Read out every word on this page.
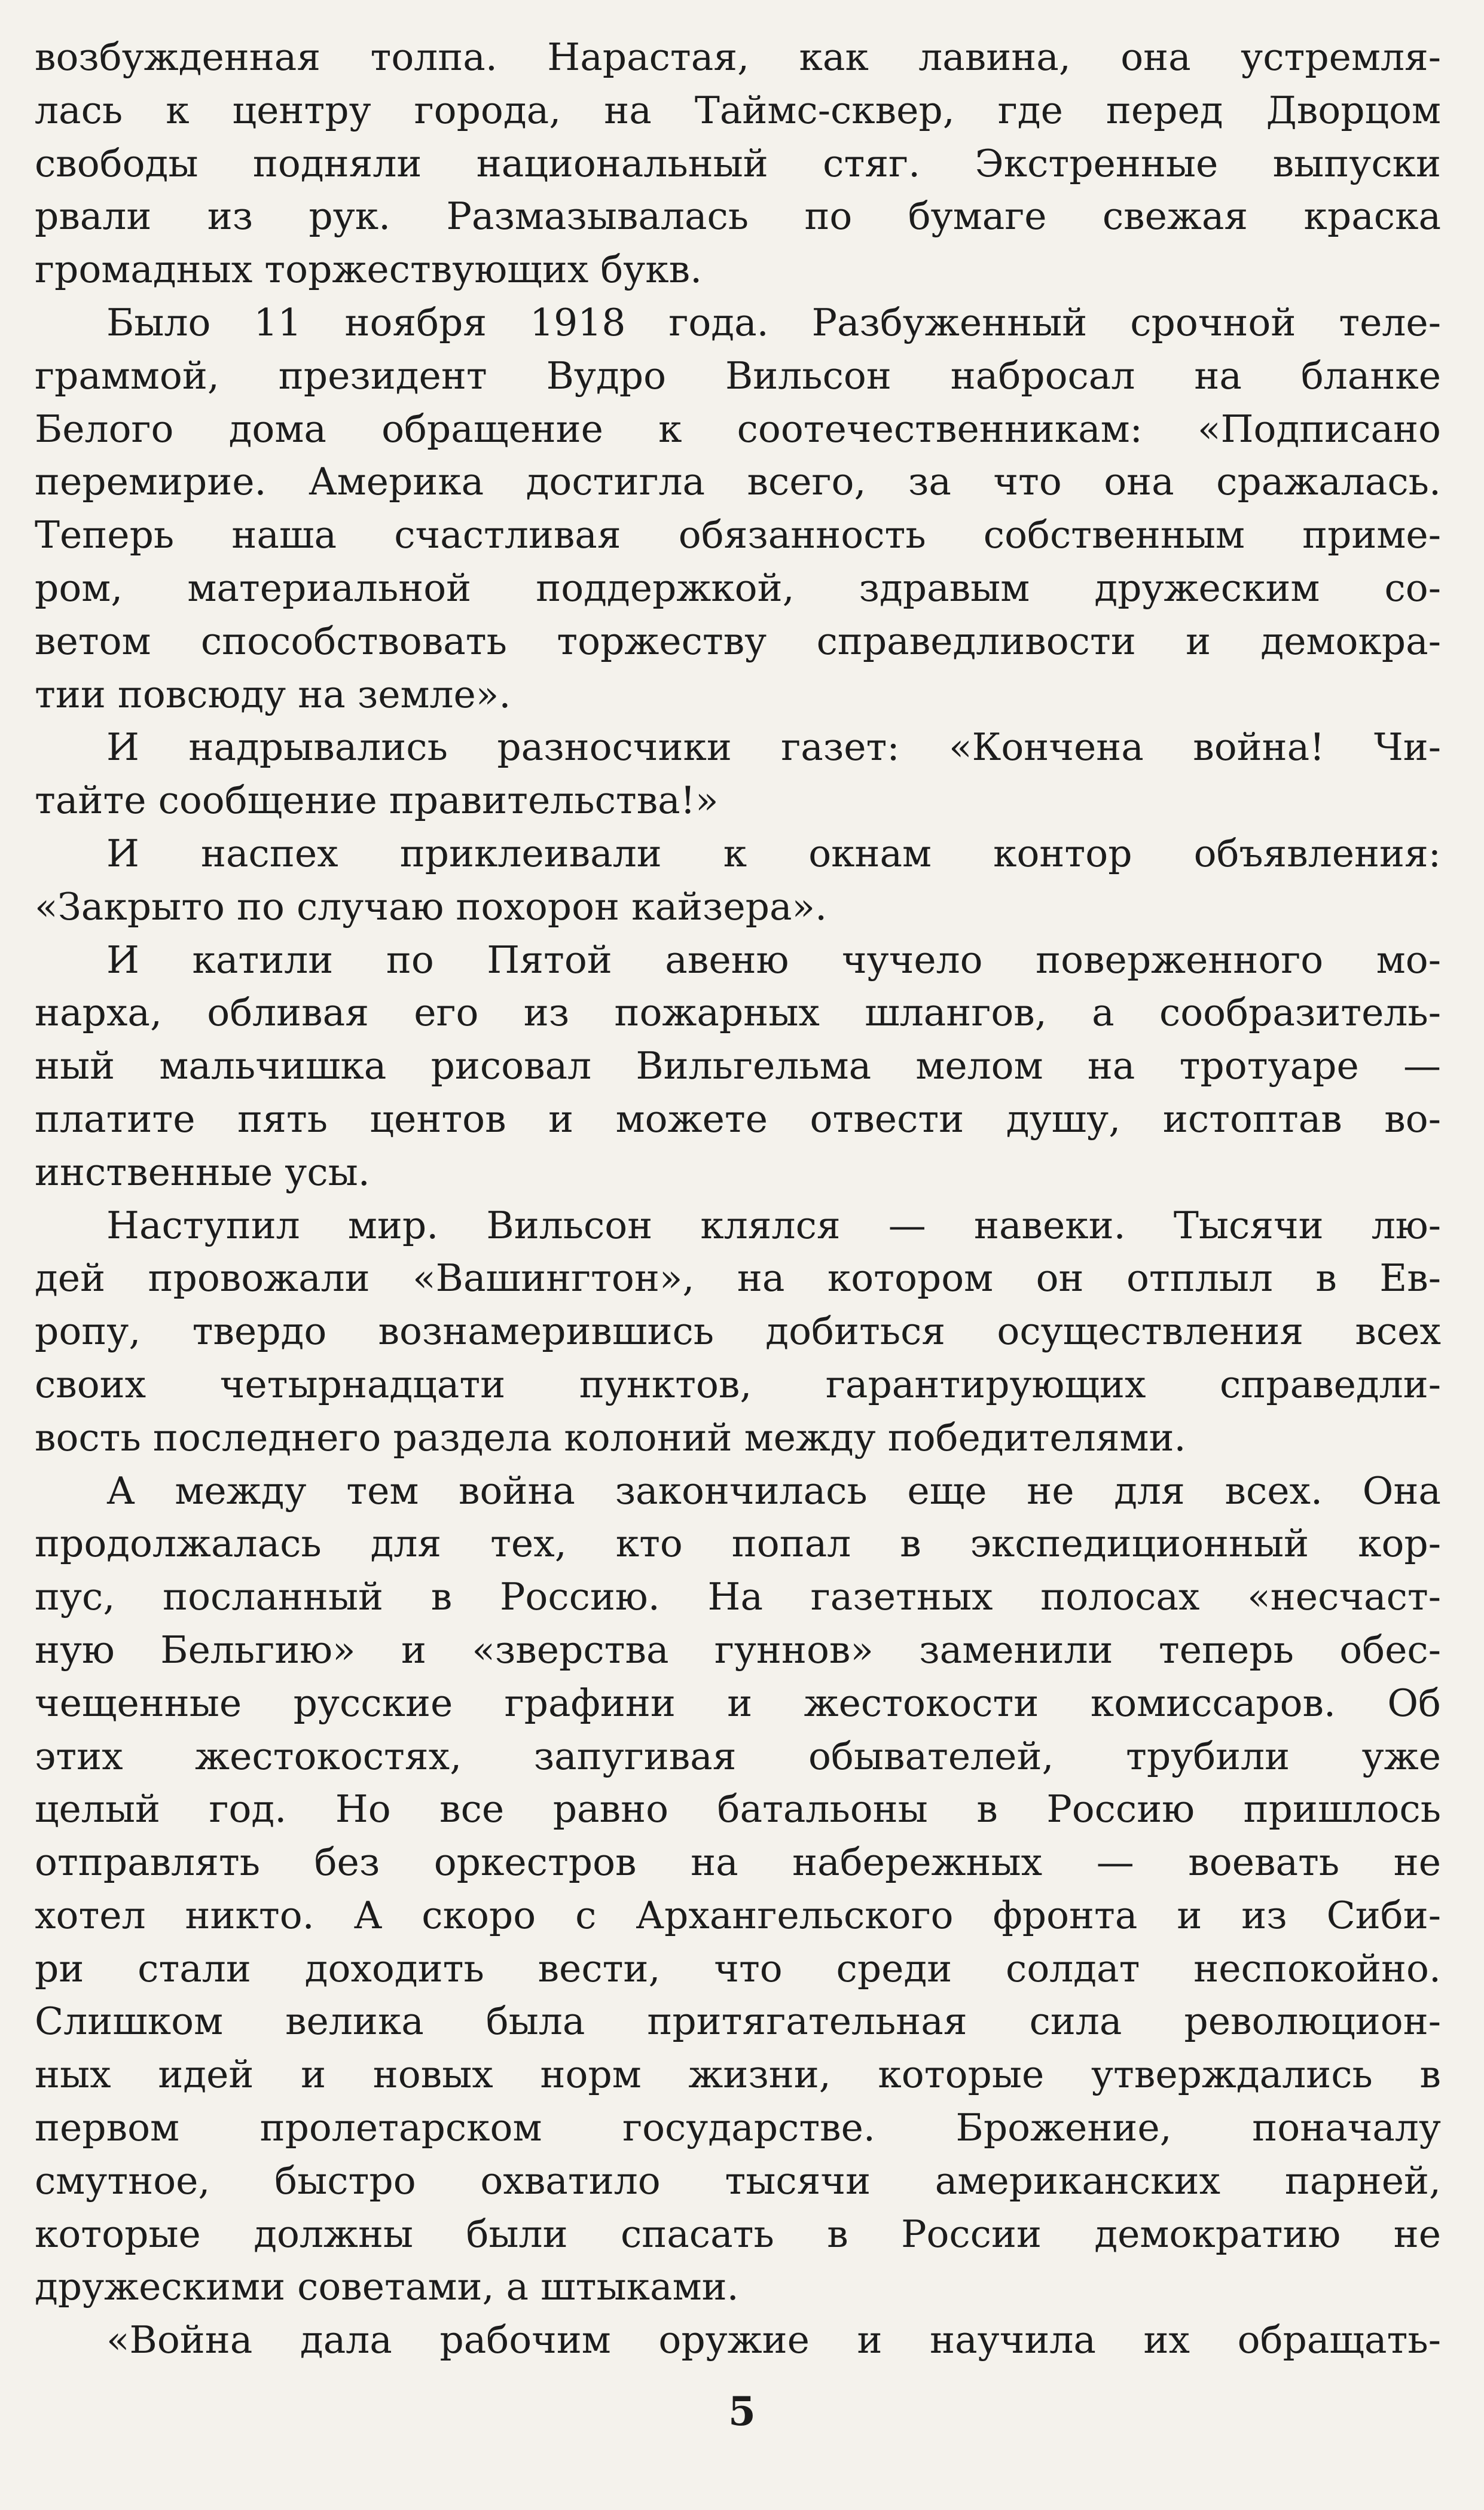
возбужденная толпа. Нарастая, как лавина, она устремля-
лась к центру города, на Таймс-сквер, где перед Дворцом
свободы подняли национальный стяг. Экстренные выпуски
рвали из рук. Размазывалась по бумаге свежая краска
громадных торжествующих букв.
Было 11 ноября 1918 года. Разбуженный срочной теле-
граммой, президент Вудро Вильсон набросал на бланке
Белого дома обращение к соотечественникам: «Подписано
перемирие. Америка достигла всего, за что она сражалась.
Теперь наша счастливая обязанность собственным приме-
ром, материальной поддержкой, здравым дружеским со-
ветом способствовать торжеству справедливости и демокра-
тии повсюду на земле».
И надрывались разносчики газет: «Кончена война! Чи-
тайте сообщение правительства!»
И наспех приклеивали к окнам контор объявления:
«Закрыто по случаю похорон кайзера».
И катили по Пятой авеню чучело поверженного мо-
нарха, обливая его из пожарных шлангов, а сообразитель-
ный мальчишка рисовал Вильгельма мелом на тротуаре —
платите пять центов и можете отвести душу, истоптав во-
инственные усы.
Наступил мир. Вильсон клялся — навеки. Тысячи лю-
дей провожали «Вашингтон», на котором он отплыл в Ев-
ропу, твердо вознамерившись добиться осуществления всех
своих четырнадцати пунктов, гарантирующих справедли-
вость последнего раздела колоний между победителями.
А между тем война закончилась еще не для всех. Она
продолжалась для тех, кто попал в экспедиционный кор-
пус, посланный в Россию. На газетных полосах «несчаст-
ную Бельгию» и «зверства гуннов» заменили теперь обес-
чещенные русские графини и жестокости комиссаров. Об
этих жестокостях, запугивая обывателей, трубили уже
целый год. Но все равно батальоны в Россию пришлось
отправлять без оркестров на набережных — воевать не
хотел никто. А скоро с Архангельского фронта и из Сиби-
ри стали доходить вести, что среди солдат неспокойно.
Слишком велика была притягательная сила революцион-
ных идей и новых норм жизни, которые утверждались в
первом пролетарском государстве. Брожение, поначалу
смутное, быстро охватило тысячи американских парней,
которые должны были спасать в России демократию не
дружескими советами, а штыками.
«Война дала рабочим оружие и научила их обращать-
5
